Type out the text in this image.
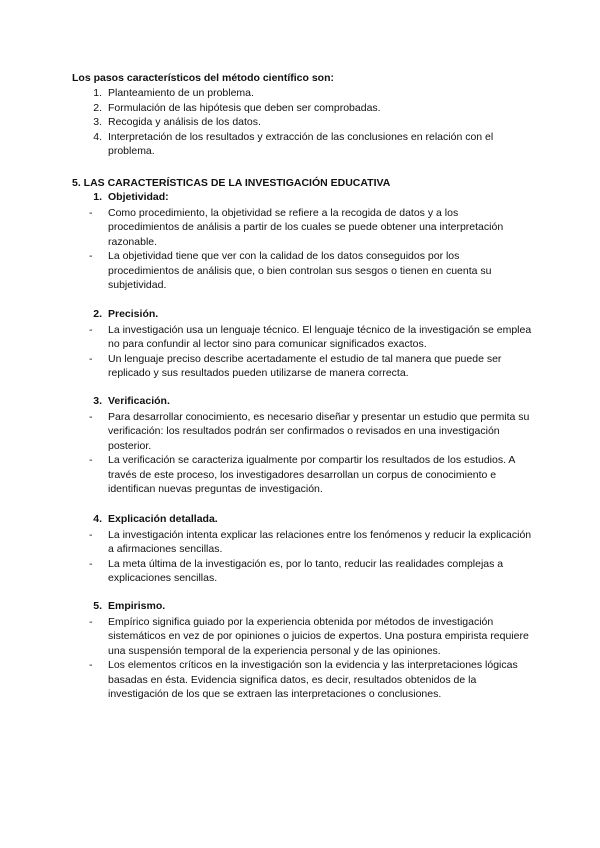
Los pasos característicos del método científico son:
1. Planteamiento de un problema.
2. Formulación de las hipótesis que deben ser comprobadas.
3. Recogida y análisis de los datos.
4. Interpretación de los resultados y extracción de las conclusiones en relación con el problema.
5. LAS CARACTERÍSTICAS DE LA INVESTIGACIÓN EDUCATIVA
1. Objetividad:
-	Como procedimiento, la objetividad se refiere a la recogida de datos y a los procedimientos de análisis a partir de los cuales se puede obtener una interpretación razonable.
-	La objetividad tiene que ver con la calidad de los datos conseguidos por los procedimientos de análisis que, o bien controlan sus sesgos o tienen en cuenta su subjetividad.
2. Precisión.
-	La investigación usa un lenguaje técnico. El lenguaje técnico de la investigación se emplea no para confundir al lector sino para comunicar significados exactos.
-	Un lenguaje preciso describe acertadamente el estudio de tal manera que puede ser replicado y sus resultados pueden utilizarse de manera correcta.
3. Verificación.
-	Para desarrollar conocimiento, es necesario diseñar y presentar un estudio que permita su verificación: los resultados podrán ser confirmados o revisados en una investigación posterior.
-	La verificación se caracteriza igualmente por compartir los resultados de los estudios. A través de este proceso, los investigadores desarrollan un corpus de conocimiento e identifican nuevas preguntas de investigación.
4. Explicación detallada.
-	La investigación intenta explicar las relaciones entre los fenómenos y reducir la explicación a afirmaciones sencillas.
-	La meta última de la investigación es, por lo tanto, reducir las realidades complejas a explicaciones sencillas.
5. Empirismo.
-	Empírico significa guiado por la experiencia obtenida por métodos de investigación sistemáticos en vez de por opiniones o juicios de expertos. Una postura empirista requiere una suspensión temporal de la experiencia personal y de las opiniones.
-	Los elementos críticos en la investigación son la evidencia y las interpretaciones lógicas basadas en ésta. Evidencia significa datos, es decir, resultados obtenidos de la investigación de los que se extraen las interpretaciones o conclusiones.
